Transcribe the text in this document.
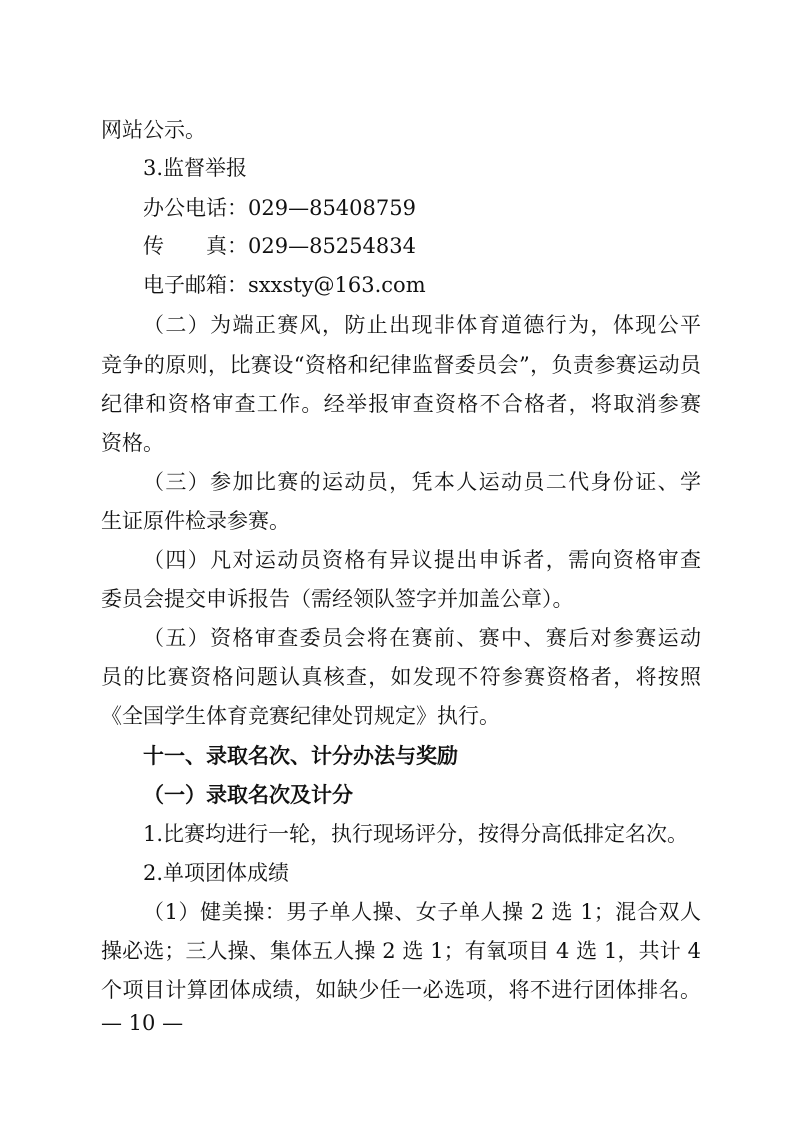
网站公示。
3.监督举报
办公电话：029—85408759
传　　真：029—85254834
电子邮箱：sxxsty@163.com
（二）为端正赛风，防止出现非体育道德行为，体现公平
竞争的原则，比赛设“资格和纪律监督委员会”，负责参赛运动员
纪律和资格审查工作。经举报审查资格不合格者，将取消参赛
资格。
（三）参加比赛的运动员，凭本人运动员二代身份证、学
生证原件检录参赛。
（四）凡对运动员资格有异议提出申诉者，需向资格审查
委员会提交申诉报告（需经领队签字并加盖公章）。
（五）资格审查委员会将在赛前、赛中、赛后对参赛运动
员的比赛资格问题认真核查，如发现不符参赛资格者，将按照
《全国学生体育竞赛纪律处罚规定》执行。
十一、录取名次、计分办法与奖励
（一）录取名次及计分
1.比赛均进行一轮，执行现场评分，按得分高低排定名次。
2.单项团体成绩
（1）健美操：男子单人操、女子单人操 2 选 1；混合双人
操必选；三人操、集体五人操 2 选 1；有氧项目 4 选 1，共计 4
个项目计算团体成绩，如缺少任一必选项，将不进行团体排名。
— 10 —
